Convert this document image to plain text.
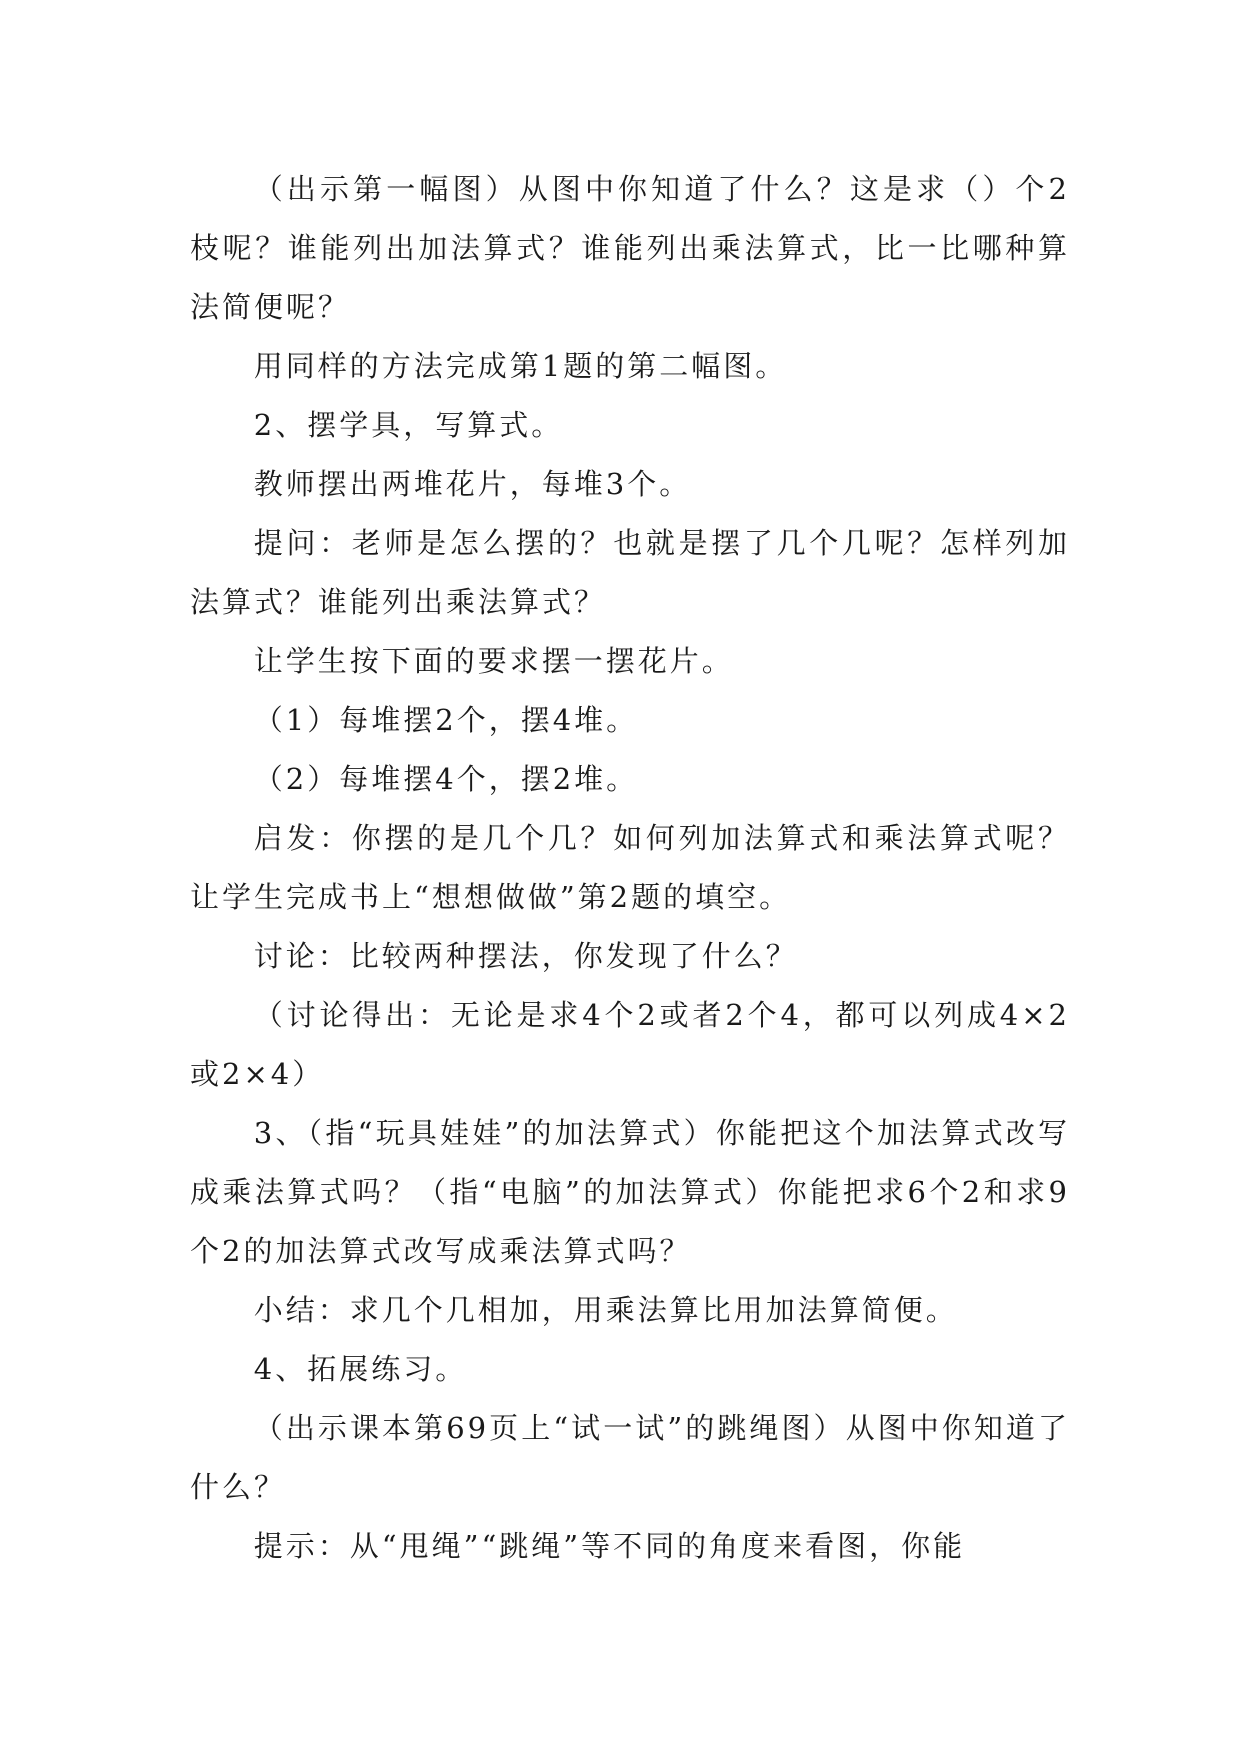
（出示第一幅图）从图中你知道了什么？这是求（）个2枝呢？谁能列出加法算式？谁能列出乘法算式，比一比哪种算法简便呢？

用同样的方法完成第1题的第二幅图。

2、摆学具，写算式。

教师摆出两堆花片，每堆3个。

提问：老师是怎么摆的？也就是摆了几个几呢？怎样列加法算式？谁能列出乘法算式？

让学生按下面的要求摆一摆花片。

（1）每堆摆2个，摆4堆。

（2）每堆摆4个，摆2堆。

启发：你摆的是几个几？如何列加法算式和乘法算式呢？让学生完成书上“想想做做”第2题的填空。

讨论：比较两种摆法，你发现了什么？

（讨论得出：无论是求4个2或者2个4，都可以列成4×2或2×4）

3、（指“玩具娃娃”的加法算式）你能把这个加法算式改写成乘法算式吗？（指“电脑”的加法算式）你能把求6个2和求9个2的加法算式改写成乘法算式吗？

小结：求几个几相加，用乘法算比用加法算简便。

4、拓展练习。

（出示课本第69页上“试一试”的跳绳图）从图中你知道了什么？

提示：从“甩绳”“跳绳”等不同的角度来看图，你能
